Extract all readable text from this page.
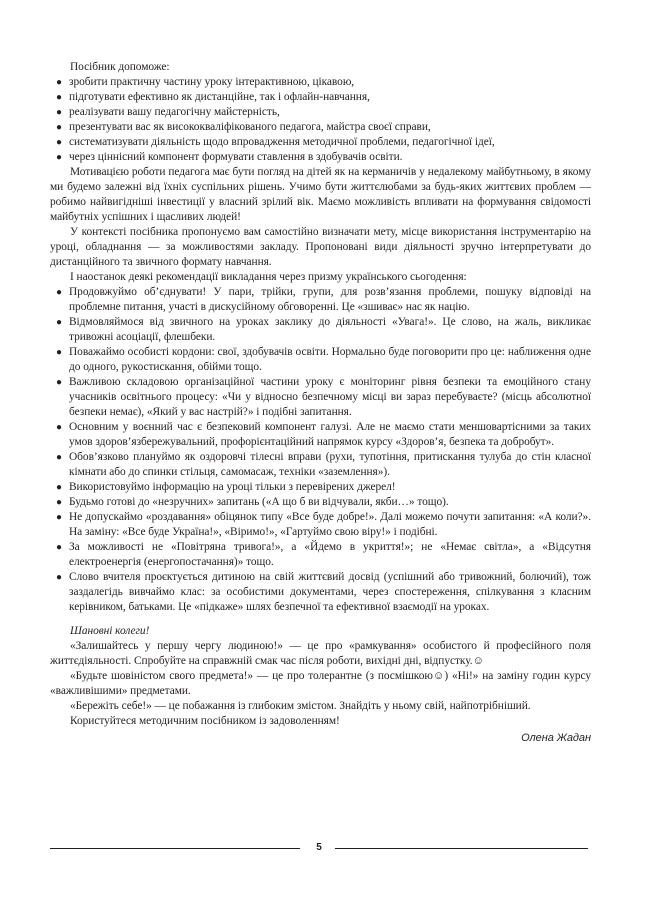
Посібник допоможе:

● зробити практичну частину уроку інтерактивною, цікавою,
● підготувати ефективно як дистанційне, так і офлайн-навчання,
● реалізувати вашу педагогічну майстерність,
● презентувати вас як висококваліфікованого педагога, майстра своєї справи,
● систематизувати діяльність щодо впровадження методичної проблеми, педагогічної ідеї,
● через ціннісний компонент формувати ставлення в здобувачів освіти.

Мотивацією роботи педагога має бути погляд на дітей як на керманичів у недалекому майбутньому, в якому ми будемо залежні від їхніх суспільних рішень. Учимо бути життєлюбами за будь-яких життєвих проблем — робимо найвигідніші інвестиції у власний зрілий вік. Маємо можливість впливати на формування свідомості майбутніх успішних і щасливих людей!

У контексті посібника пропонуємо вам самостійно визначати мету, місце використання інструментарію на уроці, обладнання — за можливостями закладу. Пропоновані види діяльності зручно інтерпретувати до дистанційного та звичного формату навчання.

І наостанок деякі рекомендації викладання через призму українського сьогодення:

● Продовжуймо об’єднувати! У пари, трійки, групи, для розв’язання проблеми, пошуку відповіді на проблемне питання, участі в дискусійному обговоренні. Це «зшиває» нас як націю.
● Відмовляймося від звичного на уроках заклику до діяльності «Увага!». Це слово, на жаль, викликає тривожні асоціації, флешбеки.
● Поважаймо особисті кордони: свої, здобувачів освіти. Нормально буде поговорити про це: наближення одне до одного, рукостискання, обійми тощо.
● Важливою складовою організаційної частини уроку є моніторинг рівня безпеки та емоційного стану учасників освітнього процесу: «Чи у відносно безпечному місці ви зараз перебуваєте? (місць абсолютної безпеки немає), «Який у вас настрій?» і подібні запитання.
● Основним у воєнний час є безпековий компонент галузі. Але не маємо стати меншовартісними за таких умов здоров’язбережувальний, профорієнтаційний напрямок курсу «Здоров’я, безпека та добробут».
● Обов’язково плануймо як оздоровчі тілесні вправи (рухи, тупотіння, притискання тулуба до стін класної кімнати або до спинки стільця, самомасаж, техніки «заземлення»).
● Використовуймо інформацію на уроці тільки з перевірених джерел!
● Будьмо готові до «незручних» запитань («А що б ви відчували, якби…» тощо).
● Не допускаймо «роздавання» обіцянок типу «Все буде добре!». Далі можемо почути запитання: «А коли?». На заміну: «Все буде Україна!», «Віримо!», «Гартуймо свою віру!» і подібні.
● За можливості не «Повітряна тривога!», а «Йдемо в укриття!»; не «Немає світла», а «Відсутня електроенергія (енергопостачання)» тощо.
● Слово вчителя проєктується дитиною на свій життєвий досвід (успішний або тривожний, болючий), тож заздалегідь вивчаймо клас: за особистими документами, через спостереження, спілкування з класним керівником, батьками. Це «підкаже» шлях безпечної та ефективної взаємодії на уроках.

Шановні колеги!

«Залишайтесь у першу чергу людиною!» — це про «рамкування» особистого й професійного поля життєдіяльності. Спробуйте на справжній смак час після роботи, вихідні дні, відпустку.☺

«Будьте шовіністом свого предмета!» — це про толерантне (з посмішкою☺) «Ні!» на заміну годин курсу «важливішими» предметами.

«Бережіть себе!» — це побажання із глибоким змістом. Знайдіть у ньому свій, найпотрібніший.

Користуйтеся методичним посібником із задоволенням!

Олена Жадан

5
